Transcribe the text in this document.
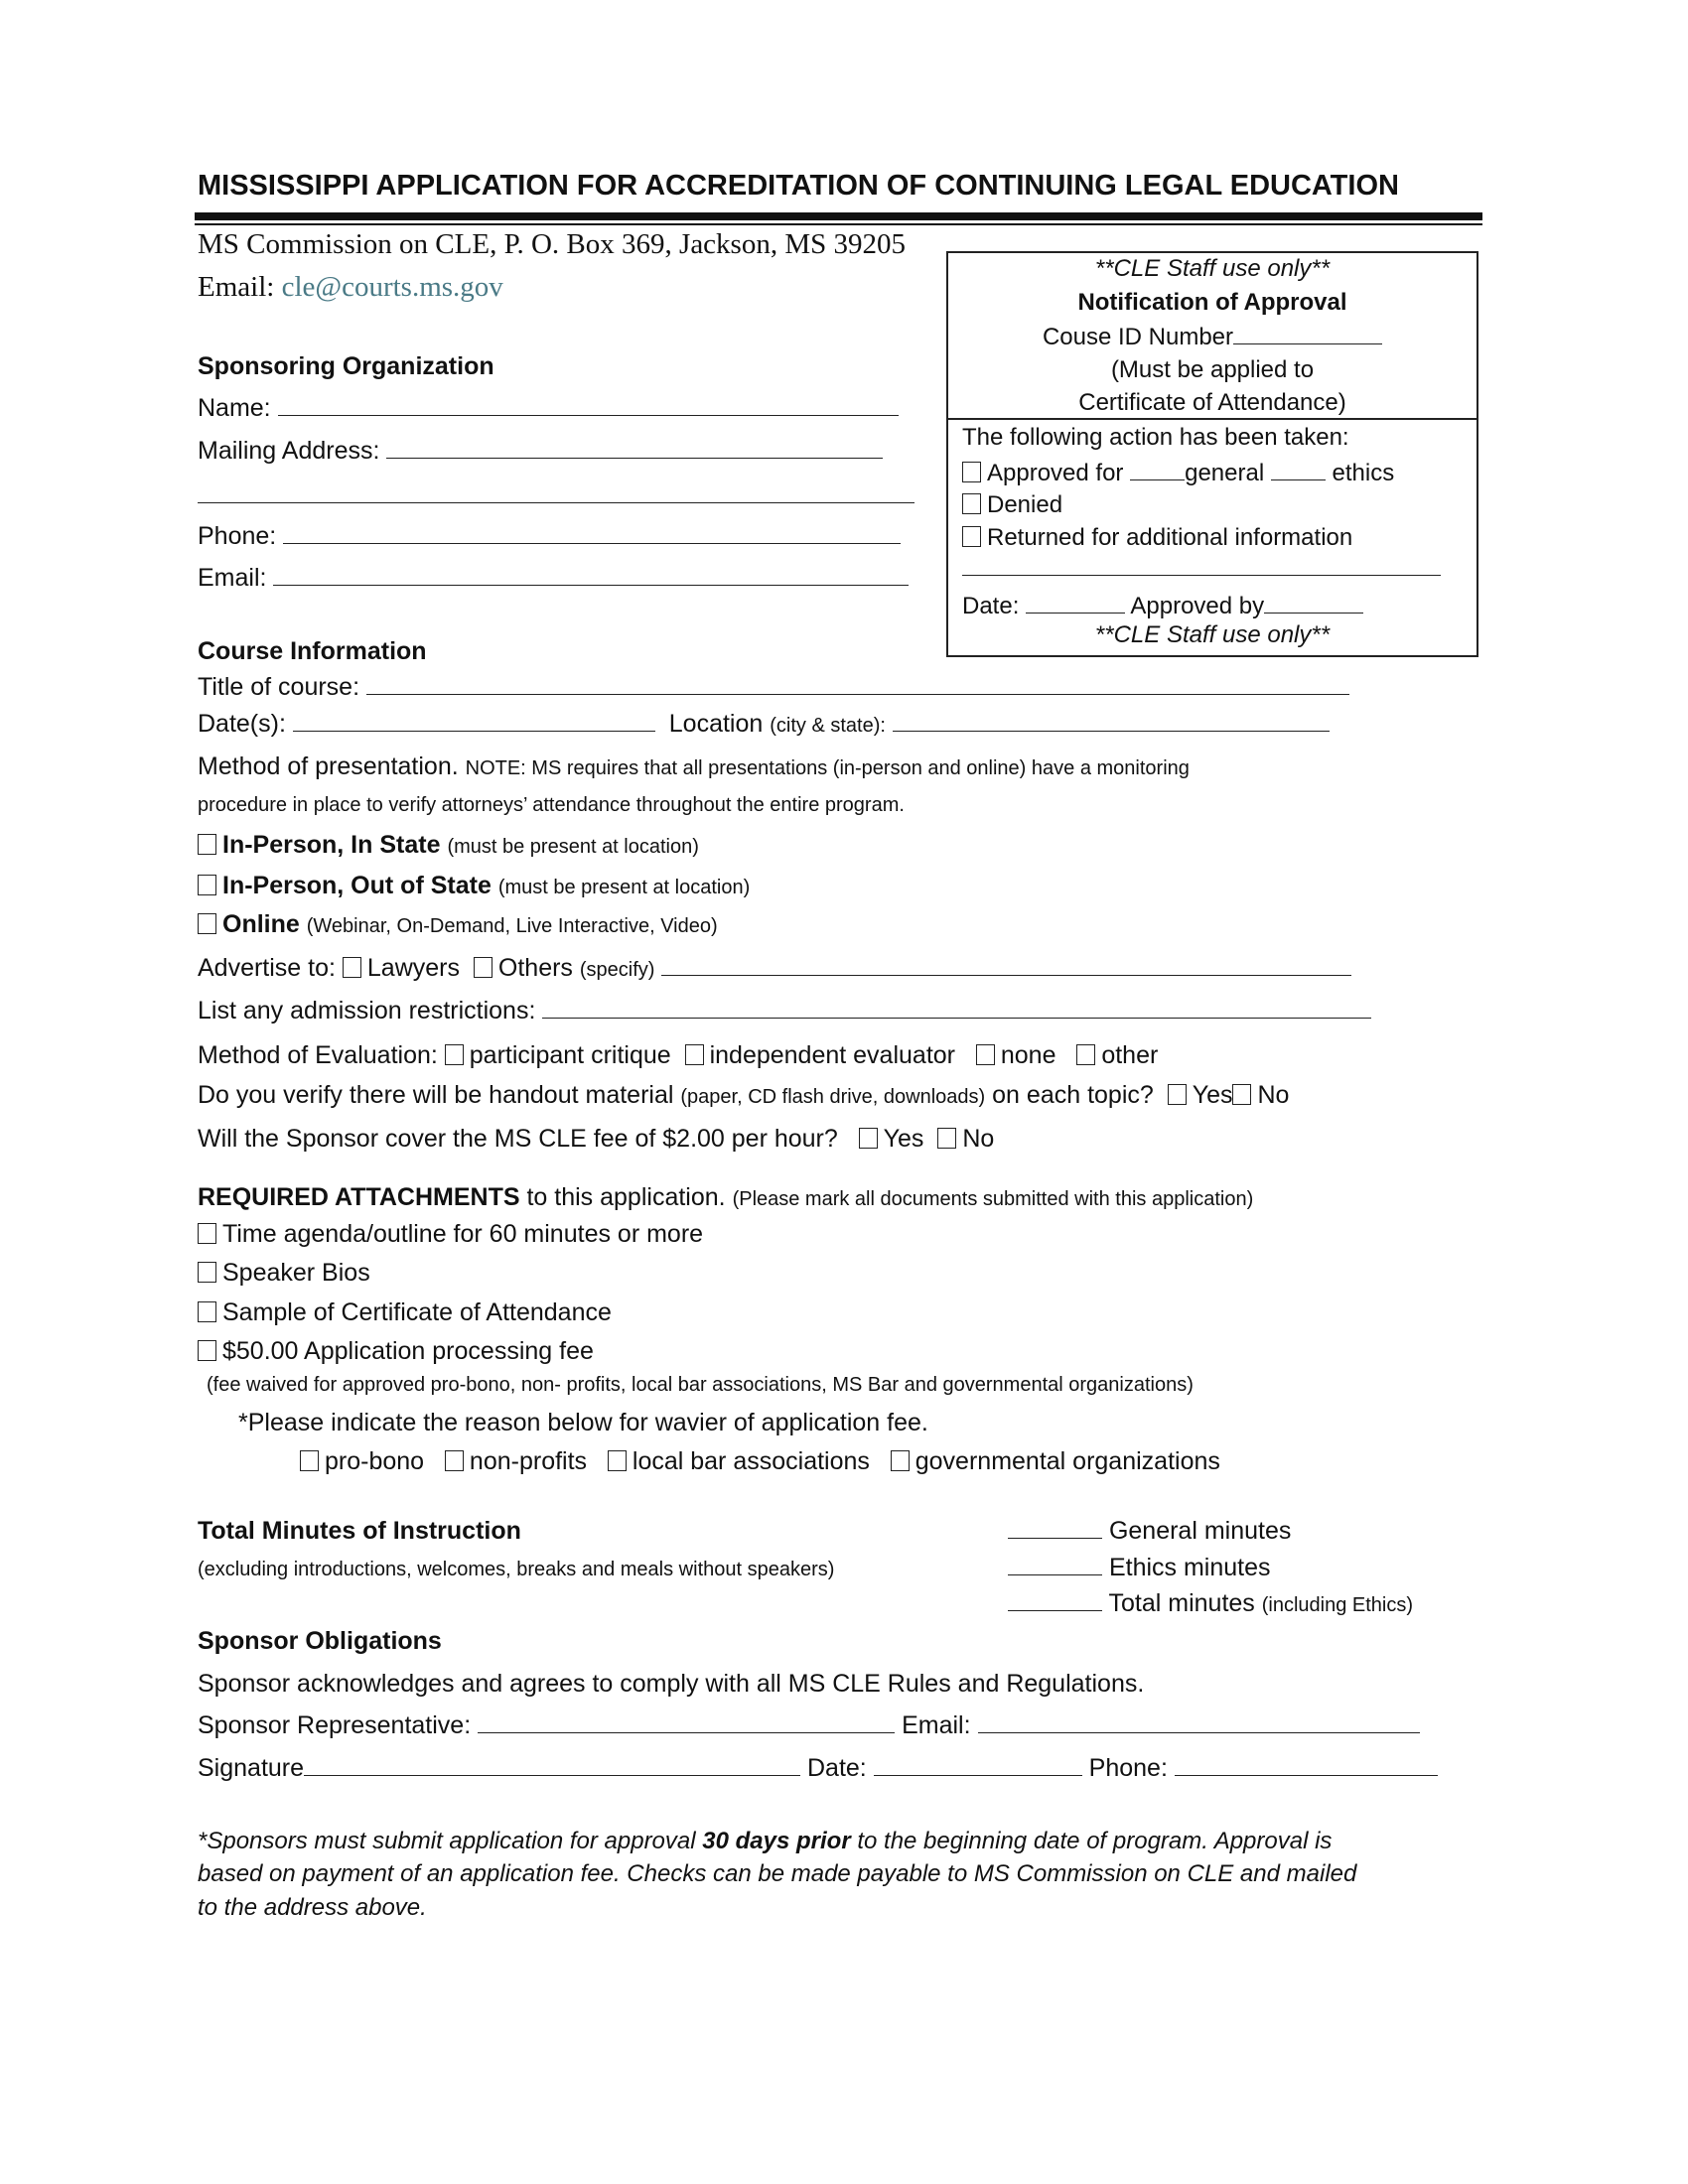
MISSISSIPPI APPLICATION FOR ACCREDITATION OF CONTINUING LEGAL EDUCATION
MS Commission on CLE, P. O. Box 369, Jackson, MS 39205
Email: cle@courts.ms.gov
**CLE Staff use only**
Notification of Approval
Couse ID Number
(Must be applied to
Certificate of Attendance)
The following action has been taken:
Approved for	general	ethics
Denied
Returned for additional information
Date:	Approved by
**CLE Staff use only**
Sponsoring Organization
Name:
Mailing Address:
Phone:
Email:
Course Information
Title of course:
Date(s):	Location (city & state):
Method of presentation. NOTE: MS requires that all presentations (in-person and online) have a monitoring
procedure in place to verify attorneys’ attendance throughout the entire program.
In-Person, In State (must be present at location)
In-Person, Out of State (must be present at location)
Online (Webinar, On-Demand, Live Interactive, Video)
Advertise to: Lawyers Others (specify)
List any admission restrictions:
Method of Evaluation: participant critique independent evaluator none other
Do you verify there will be handout material (paper, CD flash drive, downloads) on each topic? Yes No
Will the Sponsor cover the MS CLE fee of $2.00 per hour? Yes No
REQUIRED ATTACHMENTS to this application. (Please mark all documents submitted with this application)
Time agenda/outline for 60 minutes or more
Speaker Bios
Sample of Certificate of Attendance
$50.00 Application processing fee
(fee waived for approved pro-bono, non- profits, local bar associations, MS Bar and governmental organizations)
*Please indicate the reason below for wavier of application fee.
pro-bono non-profits local bar associations governmental organizations
Total Minutes of Instruction
(excluding introductions, welcomes, breaks and meals without speakers)
General minutes
Ethics minutes
Total minutes (including Ethics)
Sponsor Obligations
Sponsor acknowledges and agrees to comply with all MS CLE Rules and Regulations.
Sponsor Representative:	Email:
Signature	Date:	Phone:
*Sponsors must submit application for approval 30 days prior to the beginning date of program. Approval is
based on payment of an application fee. Checks can be made payable to MS Commission on CLE and mailed
to the address above.
